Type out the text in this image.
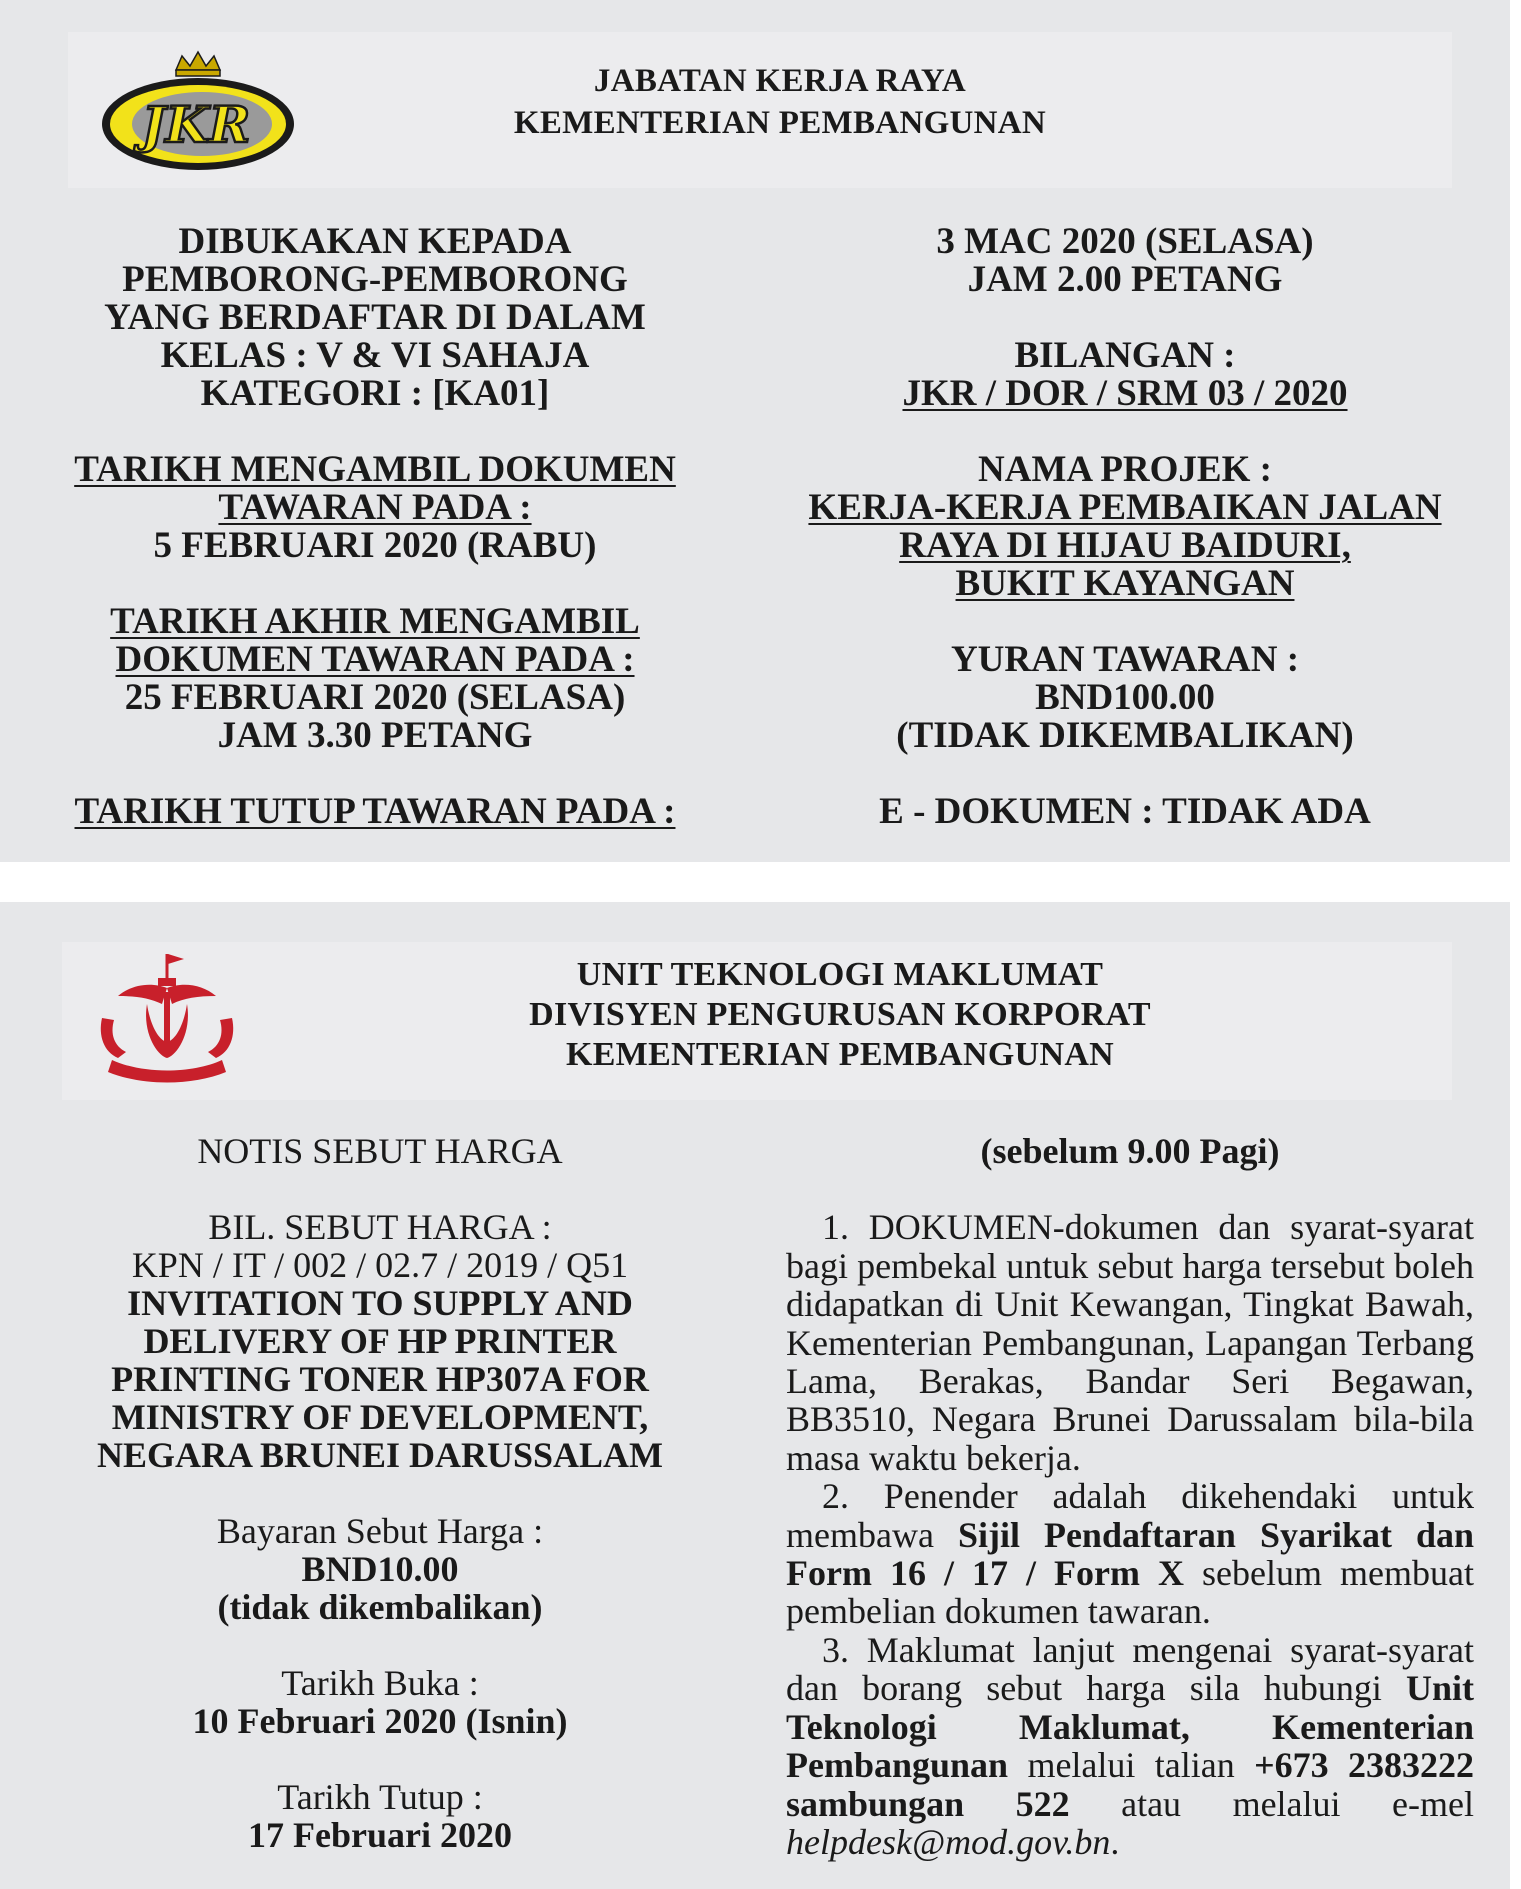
JKR
JABATAN KERJA RAYA
KEMENTERIAN PEMBANGUNAN
DIBUKAKAN KEPADA
PEMBORONG-PEMBORONG
YANG BERDAFTAR DI DALAM
KELAS : V & VI SAHAJA
KATEGORI : [KA01]
TARIKH MENGAMBIL DOKUMEN
TAWARAN PADA :
5 FEBRUARI 2020 (RABU)
TARIKH AKHIR MENGAMBIL
DOKUMEN TAWARAN PADA :
25 FEBRUARI 2020 (SELASA)
JAM 3.30 PETANG
TARIKH TUTUP TAWARAN PADA :
3 MAC 2020 (SELASA)
JAM 2.00 PETANG
BILANGAN :
JKR / DOR / SRM 03 / 2020
NAMA PROJEK :
KERJA-KERJA PEMBAIKAN JALAN
RAYA DI HIJAU BAIDURI,
BUKIT KAYANGAN
YURAN TAWARAN :
BND100.00
(TIDAK DIKEMBALIKAN)
E - DOKUMEN : TIDAK ADA
UNIT TEKNOLOGI MAKLUMAT
DIVISYEN PENGURUSAN KORPORAT
KEMENTERIAN PEMBANGUNAN
NOTIS SEBUT HARGA
BIL. SEBUT HARGA :
KPN / IT / 002 / 02.7 / 2019 / Q51
INVITATION TO SUPPLY AND
DELIVERY OF HP PRINTER
PRINTING TONER HP307A FOR
MINISTRY OF DEVELOPMENT,
NEGARA BRUNEI DARUSSALAM
Bayaran Sebut Harga :
BND10.00
(tidak dikembalikan)
Tarikh Buka :
10 Februari 2020 (Isnin)
Tarikh Tutup :
17 Februari 2020
(sebelum 9.00 Pagi)
1. DOKUMEN-dokumen dan syarat-syarat bagi pembekal untuk sebut harga tersebut boleh didapatkan di Unit Kewangan, Tingkat Bawah, Kementerian Pembangunan, Lapangan Terbang Lama, Berakas, Bandar Seri Begawan, BB3510, Negara Brunei Darussalam bila-bila masa waktu bekerja.
2. Penender adalah dikehendaki untuk membawa Sijil Pendaftaran Syarikat dan Form 16 / 17 / Form X sebelum membuat pembelian dokumen tawaran.
3. Maklumat lanjut mengenai syarat-syarat dan borang sebut harga sila hubungi Unit Teknologi Maklumat, Kementerian Pembangunan melalui talian +673 2383222 sambungan 522 atau melalui e-mel helpdesk@mod.gov.bn.
